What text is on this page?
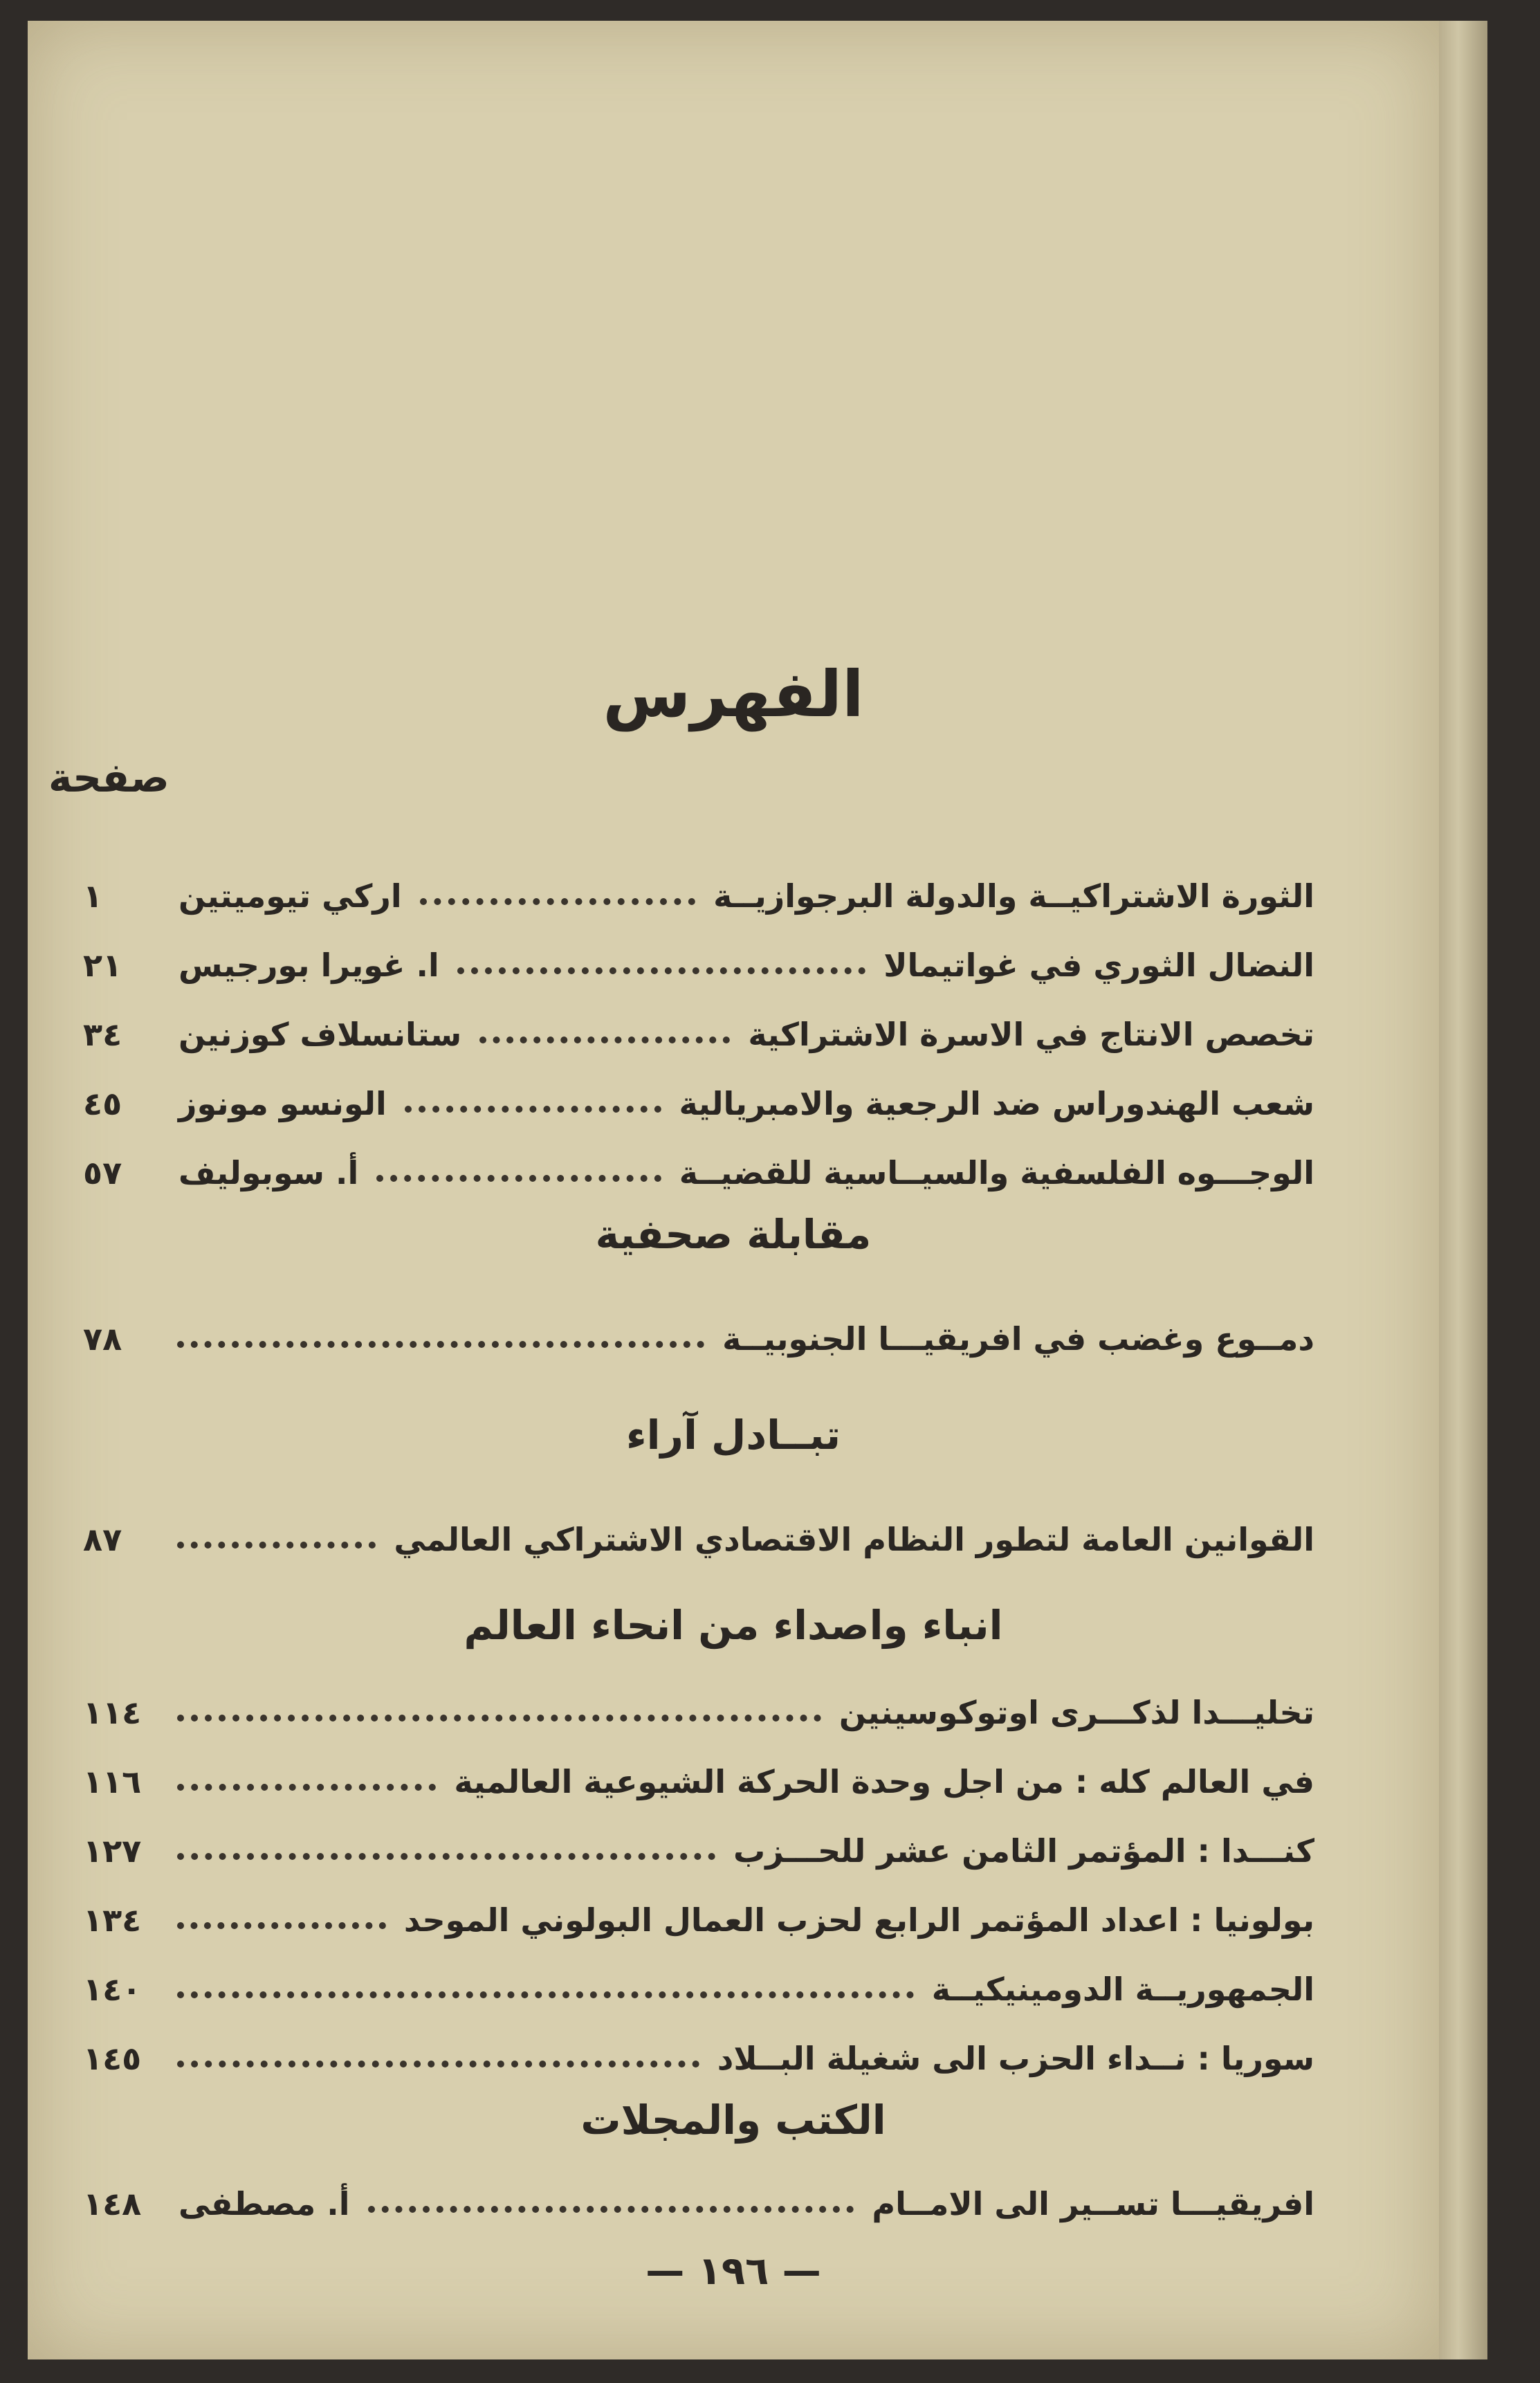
الفهرس
صفحة
الثورة الاشتراكيــة والدولة البرجوازيــة
اركي تيوميتين
١
النضال الثوري في غواتيمالا
ا. غويرا بورجيس
٢١
تخصص الانتاج في الاسرة الاشتراكية
ستانسلاف كوزنين
٣٤
شعب الهندوراس ضد الرجعية والامبريالية
الونسو مونوز
٤٥
الوجـــوه الفلسفية والسيــاسية للقضيــة
أ. سوبوليف
٥٧
مقابلة صحفية
دمــوع وغضب في افريقيـــا الجنوبيــة
٧٨
تبــادل آراء
القوانين العامة لتطور النظام الاقتصادي الاشتراكي العالمي
٨٧
انباء واصداء من انحاء العالم
تخليـــدا لذكـــرى اوتوكوسينين
١١٤
في العالم كله : من اجل وحدة الحركة الشيوعية العالمية
١١٦
كنـــدا : المؤتمر الثامن عشر للحـــزب
١٢٧
بولونيا : اعداد المؤتمر الرابع لحزب العمال البولوني الموحد
١٣٤
الجمهوريــة الدومينيكيــة
١٤٠
سوريا : نــداء الحزب الى شغيلة البــلاد
١٤٥
الكتب والمجلات
افريقيـــا تســير الى الامــام
أ. مصطفى
١٤٨
— ١٩٦ —
